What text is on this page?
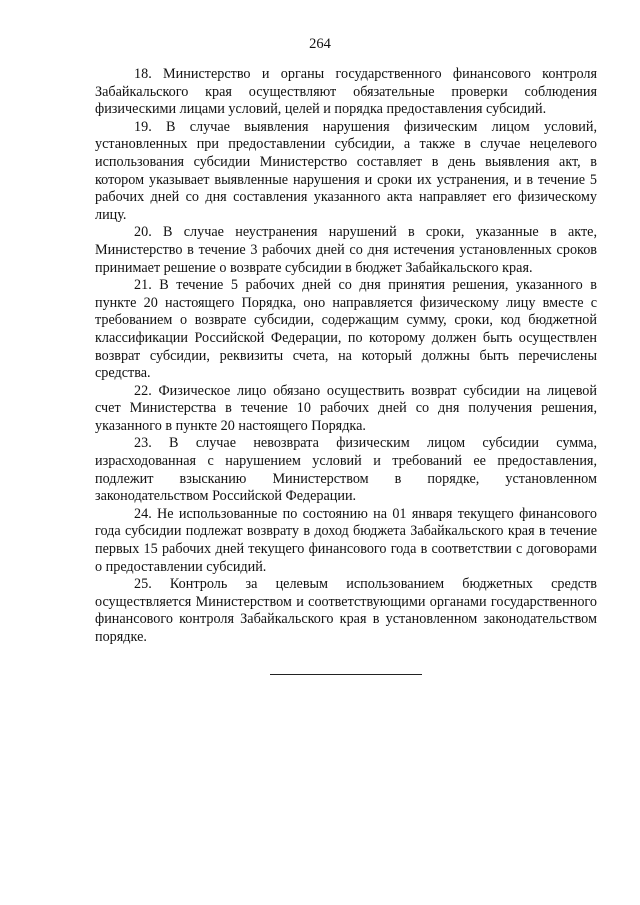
264

18. Министерство и органы государственного финансового контроля Забайкальского края осуществляют обязательные проверки соблюдения физическими лицами условий, целей и порядка предоставления субсидий.

19. В случае выявления нарушения физическим лицом условий, установленных при предоставлении субсидии, а также в случае нецелевого использования субсидии Министерство составляет в день выявления акт, в котором указывает выявленные нарушения и сроки их устранения, и в течение 5 рабочих дней со дня составления указанного акта направляет его физическому лицу.

20. В случае неустранения нарушений в сроки, указанные в акте, Министерство в течение 3 рабочих дней со дня истечения установленных сроков принимает решение о возврате субсидии в бюджет Забайкальского края.

21. В течение 5 рабочих дней со дня принятия решения, указанного в пункте 20 настоящего Порядка, оно направляется физическому лицу вместе с требованием о возврате субсидии, содержащим сумму, сроки, код бюджетной классификации Российской Федерации, по которому должен быть осуществлен возврат субсидии, реквизиты счета, на который должны быть перечислены средства.

22. Физическое лицо обязано осуществить возврат субсидии на лицевой счет Министерства в течение 10 рабочих дней со дня получения решения, указанного в пункте 20 настоящего Порядка.

23. В случае невозврата физическим лицом субсидии сумма, израсходованная с нарушением условий и требований ее предоставления, подлежит взысканию Министерством в порядке, установленном законодательством Российской Федерации.

24. Не использованные по состоянию на 01 января текущего финансового года субсидии подлежат возврату в доход бюджета Забайкальского края в течение первых 15 рабочих дней текущего финансового года в соответствии с договорами о предоставлении субсидий.

25. Контроль за целевым использованием бюджетных средств осуществляется Министерством и соответствующими органами государственного финансового контроля Забайкальского края в установленном законодательством порядке.
